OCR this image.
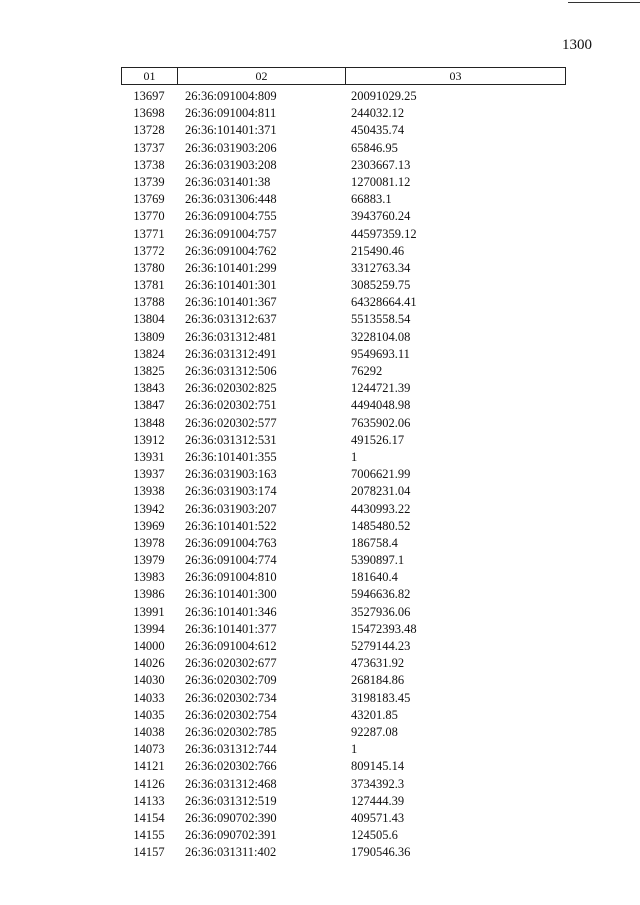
1300
01	02	03
13697	26:36:091004:809	20091029.25
13698	26:36:091004:811	244032.12
13728	26:36:101401:371	450435.74
13737	26:36:031903:206	65846.95
13738	26:36:031903:208	2303667.13
13739	26:36:031401:38	1270081.12
13769	26:36:031306:448	66883.1
13770	26:36:091004:755	3943760.24
13771	26:36:091004:757	44597359.12
13772	26:36:091004:762	215490.46
13780	26:36:101401:299	3312763.34
13781	26:36:101401:301	3085259.75
13788	26:36:101401:367	64328664.41
13804	26:36:031312:637	5513558.54
13809	26:36:031312:481	3228104.08
13824	26:36:031312:491	9549693.11
13825	26:36:031312:506	76292
13843	26:36:020302:825	1244721.39
13847	26:36:020302:751	4494048.98
13848	26:36:020302:577	7635902.06
13912	26:36:031312:531	491526.17
13931	26:36:101401:355	1
13937	26:36:031903:163	7006621.99
13938	26:36:031903:174	2078231.04
13942	26:36:031903:207	4430993.22
13969	26:36:101401:522	1485480.52
13978	26:36:091004:763	186758.4
13979	26:36:091004:774	5390897.1
13983	26:36:091004:810	181640.4
13986	26:36:101401:300	5946636.82
13991	26:36:101401:346	3527936.06
13994	26:36:101401:377	15472393.48
14000	26:36:091004:612	5279144.23
14026	26:36:020302:677	473631.92
14030	26:36:020302:709	268184.86
14033	26:36:020302:734	3198183.45
14035	26:36:020302:754	43201.85
14038	26:36:020302:785	92287.08
14073	26:36:031312:744	1
14121	26:36:020302:766	809145.14
14126	26:36:031312:468	3734392.3
14133	26:36:031312:519	127444.39
14154	26:36:090702:390	409571.43
14155	26:36:090702:391	124505.6
14157	26:36:031311:402	1790546.36
